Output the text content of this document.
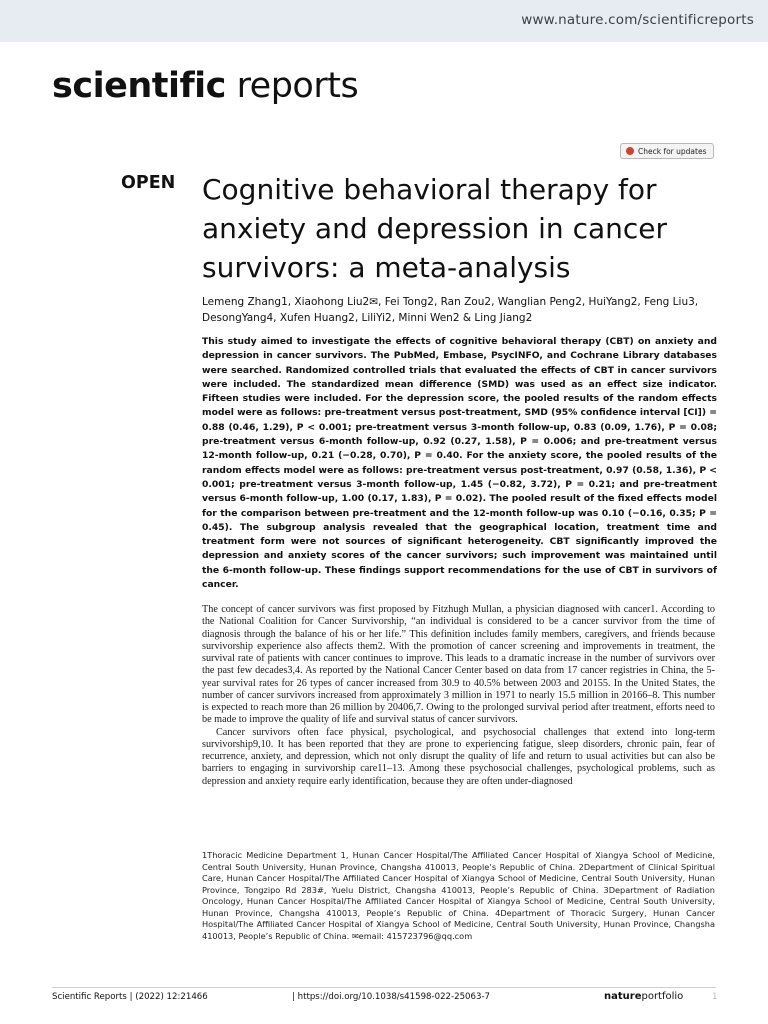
www.nature.com/scientificreports
scientific reports
Check for updates
OPEN Cognitive behavioral therapy for anxiety and depression in cancer survivors: a meta-analysis
Lemeng Zhang1, Xiaohong Liu2✉, Fei Tong2, Ran Zou2, Wanglian Peng2, HuiYang2, Feng Liu3, DesongYang4, Xufen Huang2, LiliYi2, Minni Wen2 & Ling Jiang2
This study aimed to investigate the effects of cognitive behavioral therapy (CBT) on anxiety and depression in cancer survivors. The PubMed, Embase, PsycINFO, and Cochrane Library databases were searched. Randomized controlled trials that evaluated the effects of CBT in cancer survivors were included. The standardized mean difference (SMD) was used as an effect size indicator. Fifteen studies were included. For the depression score, the pooled results of the random effects model were as follows: pre-treatment versus post-treatment, SMD (95% confidence interval [CI]) = 0.88 (0.46, 1.29), P < 0.001; pre-treatment versus 3-month follow-up, 0.83 (0.09, 1.76), P = 0.08; pre-treatment versus 6-month follow-up, 0.92 (0.27, 1.58), P = 0.006; and pre-treatment versus 12-month follow-up, 0.21 (−0.28, 0.70), P = 0.40. For the anxiety score, the pooled results of the random effects model were as follows: pre-treatment versus post-treatment, 0.97 (0.58, 1.36), P < 0.001; pre-treatment versus 3-month follow-up, 1.45 (−0.82, 3.72), P = 0.21; and pre-treatment versus 6-month follow-up, 1.00 (0.17, 1.83), P = 0.02). The pooled result of the fixed effects model for the comparison between pre-treatment and the 12-month follow-up was 0.10 (−0.16, 0.35; P = 0.45). The subgroup analysis revealed that the geographical location, treatment time and treatment form were not sources of significant heterogeneity. CBT significantly improved the depression and anxiety scores of the cancer survivors; such improvement was maintained until the 6-month follow-up. These findings support recommendations for the use of CBT in survivors of cancer.

The concept of cancer survivors was first proposed by Fitzhugh Mullan, a physician diagnosed with cancer1. According to the National Coalition for Cancer Survivorship, “an individual is considered to be a cancer survivor from the time of diagnosis through the balance of his or her life.” This definition includes family members, caregivers, and friends because survivorship experience also affects them2. With the promotion of cancer screening and improvements in treatment, the survival rate of patients with cancer continues to improve. This leads to a dramatic increase in the number of survivors over the past few decades3,4. As reported by the National Cancer Center based on data from 17 cancer registries in China, the 5-year survival rates for 26 types of cancer increased from 30.9 to 40.5% between 2003 and 20155. In the United States, the number of cancer survivors increased from approximately 3 million in 1971 to nearly 15.5 million in 20166–8. This number is expected to reach more than 26 million by 20406,7. Owing to the prolonged survival period after treatment, efforts need to be made to improve the quality of life and survival status of cancer survivors.

Cancer survivors often face physical, psychological, and psychosocial challenges that extend into long-term survivorship9,10. It has been reported that they are prone to experiencing fatigue, sleep disorders, chronic pain, fear of recurrence, anxiety, and depression, which not only disrupt the quality of life and return to usual activities but can also be barriers to engaging in survivorship care11–13. Among these psychosocial challenges, psychological problems, such as depression and anxiety require early identification, because they are often under-diagnosed

1Thoracic Medicine Department 1, Hunan Cancer Hospital/The Affiliated Cancer Hospital of Xiangya School of Medicine, Central South University, Hunan Province, Changsha 410013, People’s Republic of China. 2Department of Clinical Spiritual Care, Hunan Cancer Hospital/The Affiliated Cancer Hospital of Xiangya School of Medicine, Central South University, Hunan Province, Tongzipo Rd 283#, Yuelu District, Changsha 410013, People’s Republic of China. 3Department of Radiation Oncology, Hunan Cancer Hospital/The Affiliated Cancer Hospital of Xiangya School of Medicine, Central South University, Hunan Province, Changsha 410013, People’s Republic of China. 4Department of Thoracic Surgery, Hunan Cancer Hospital/The Affiliated Cancer Hospital of Xiangya School of Medicine, Central South University, Hunan Province, Changsha 410013, People’s Republic of China. ✉email: 415723796@qq.com
Scientific Reports | (2022) 12:21466	| https://doi.org/10.1038/s41598-022-25063-7	natureportfolio	1
